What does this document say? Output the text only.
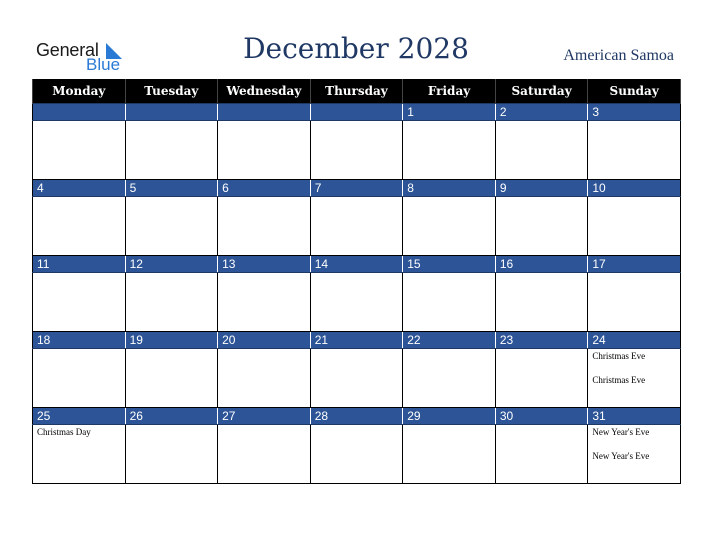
General
Blue	December 2028	American Samoa
Monday	Tuesday	Wednesday	Thursday	Friday	Saturday	Sunday
				1	2	3

4	5	6	7	8	9	10

11	12	13	14	15	16	17

18	19	20	21	22	23	24

						Christmas Eve
Christmas Eve

25	26	27	28	29	30	31

Christmas Day						New Year's Eve
New Year's Eve
